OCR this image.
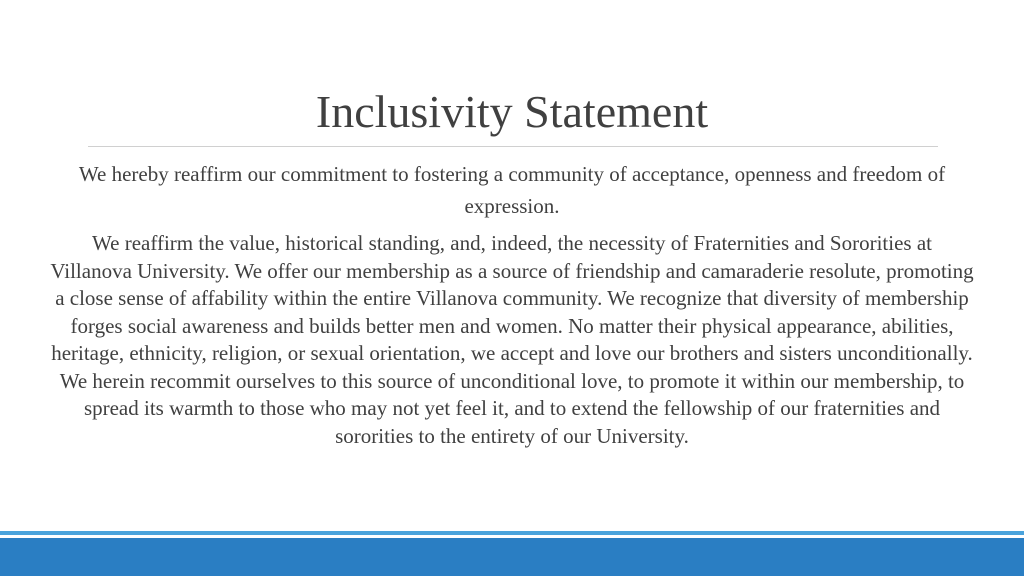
Inclusivity Statement

We hereby reaffirm our commitment to fostering a community of acceptance, openness and freedom of expression.

We reaffirm the value, historical standing, and, indeed, the necessity of Fraternities and Sororities at Villanova University. We offer our membership as a source of friendship and camaraderie resolute, promoting a close sense of affability within the entire Villanova community. We recognize that diversity of membership forges social awareness and builds better men and women. No matter their physical appearance, abilities, heritage, ethnicity, religion, or sexual orientation, we accept and love our brothers and sisters unconditionally. We herein recommit ourselves to this source of unconditional love, to promote it within our membership, to spread its warmth to those who may not yet feel it, and to extend the fellowship of our fraternities and sororities to the entirety of our University.
